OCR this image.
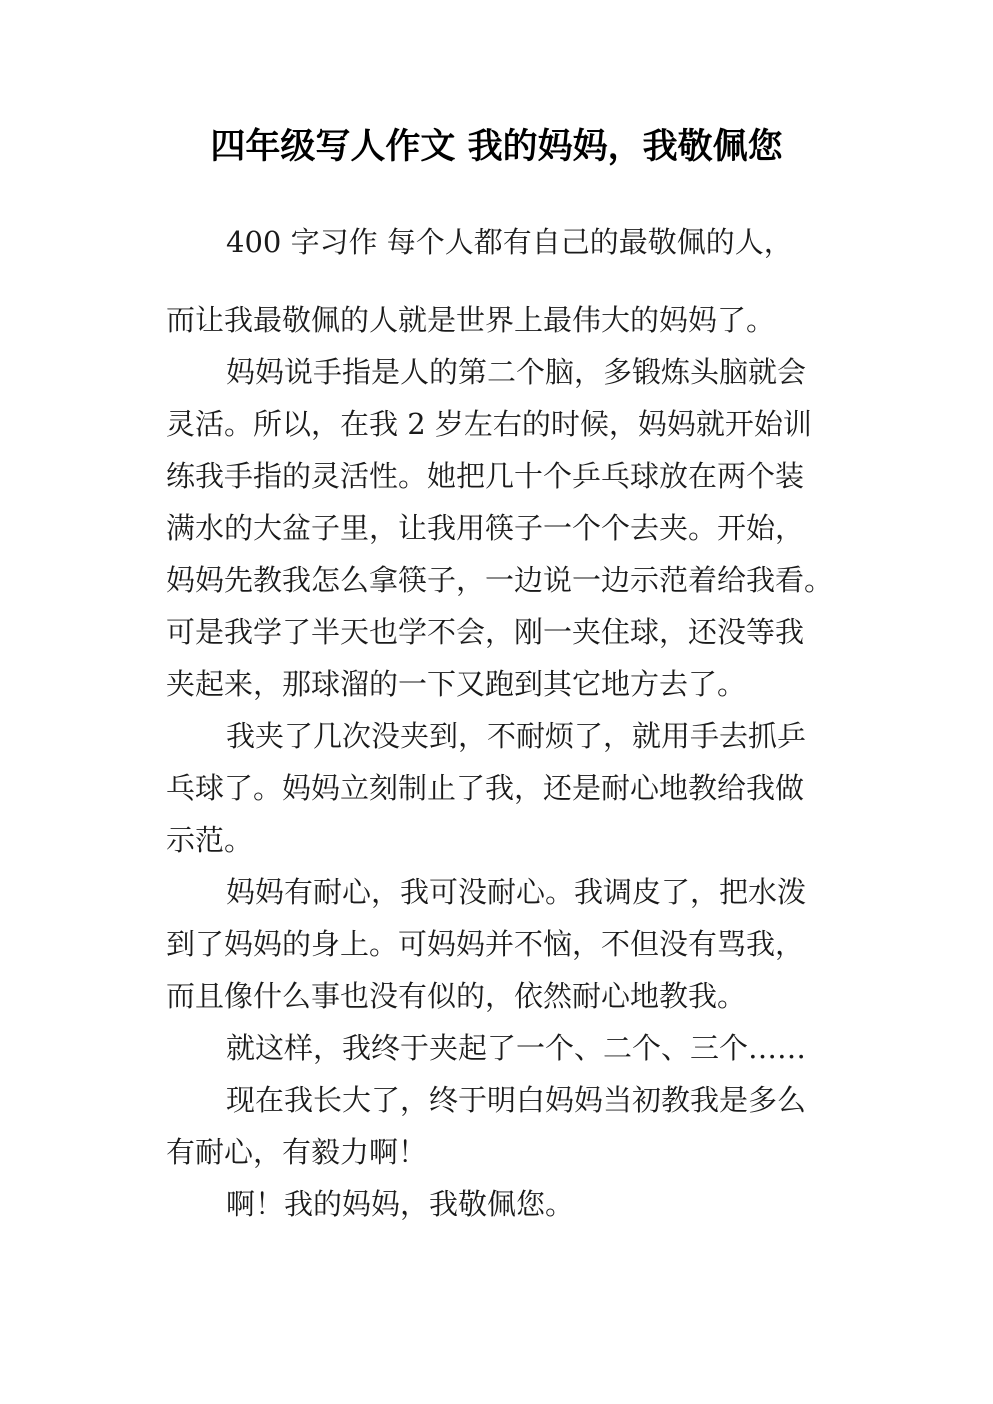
四年级写人作文 我的妈妈，我敬佩您
400 字习作 每个人都有自己的最敬佩的人，
而让我最敬佩的人就是世界上最伟大的妈妈了。
妈妈说手指是人的第二个脑，多锻炼头脑就会
灵活。所以，在我 2 岁左右的时候，妈妈就开始训
练我手指的灵活性。她把几十个乒乓球放在两个装
满水的大盆子里，让我用筷子一个个去夹。开始，
妈妈先教我怎么拿筷子，一边说一边示范着给我看。
可是我学了半天也学不会，刚一夹住球，还没等我
夹起来，那球溜的一下又跑到其它地方去了。
我夹了几次没夹到，不耐烦了，就用手去抓乒
乓球了。妈妈立刻制止了我，还是耐心地教给我做
示范。
妈妈有耐心，我可没耐心。我调皮了，把水泼
到了妈妈的身上。可妈妈并不恼，不但没有骂我，
而且像什么事也没有似的，依然耐心地教我。
就这样，我终于夹起了一个、二个、三个……
现在我长大了，终于明白妈妈当初教我是多么
有耐心，有毅力啊！
啊！我的妈妈，我敬佩您。
